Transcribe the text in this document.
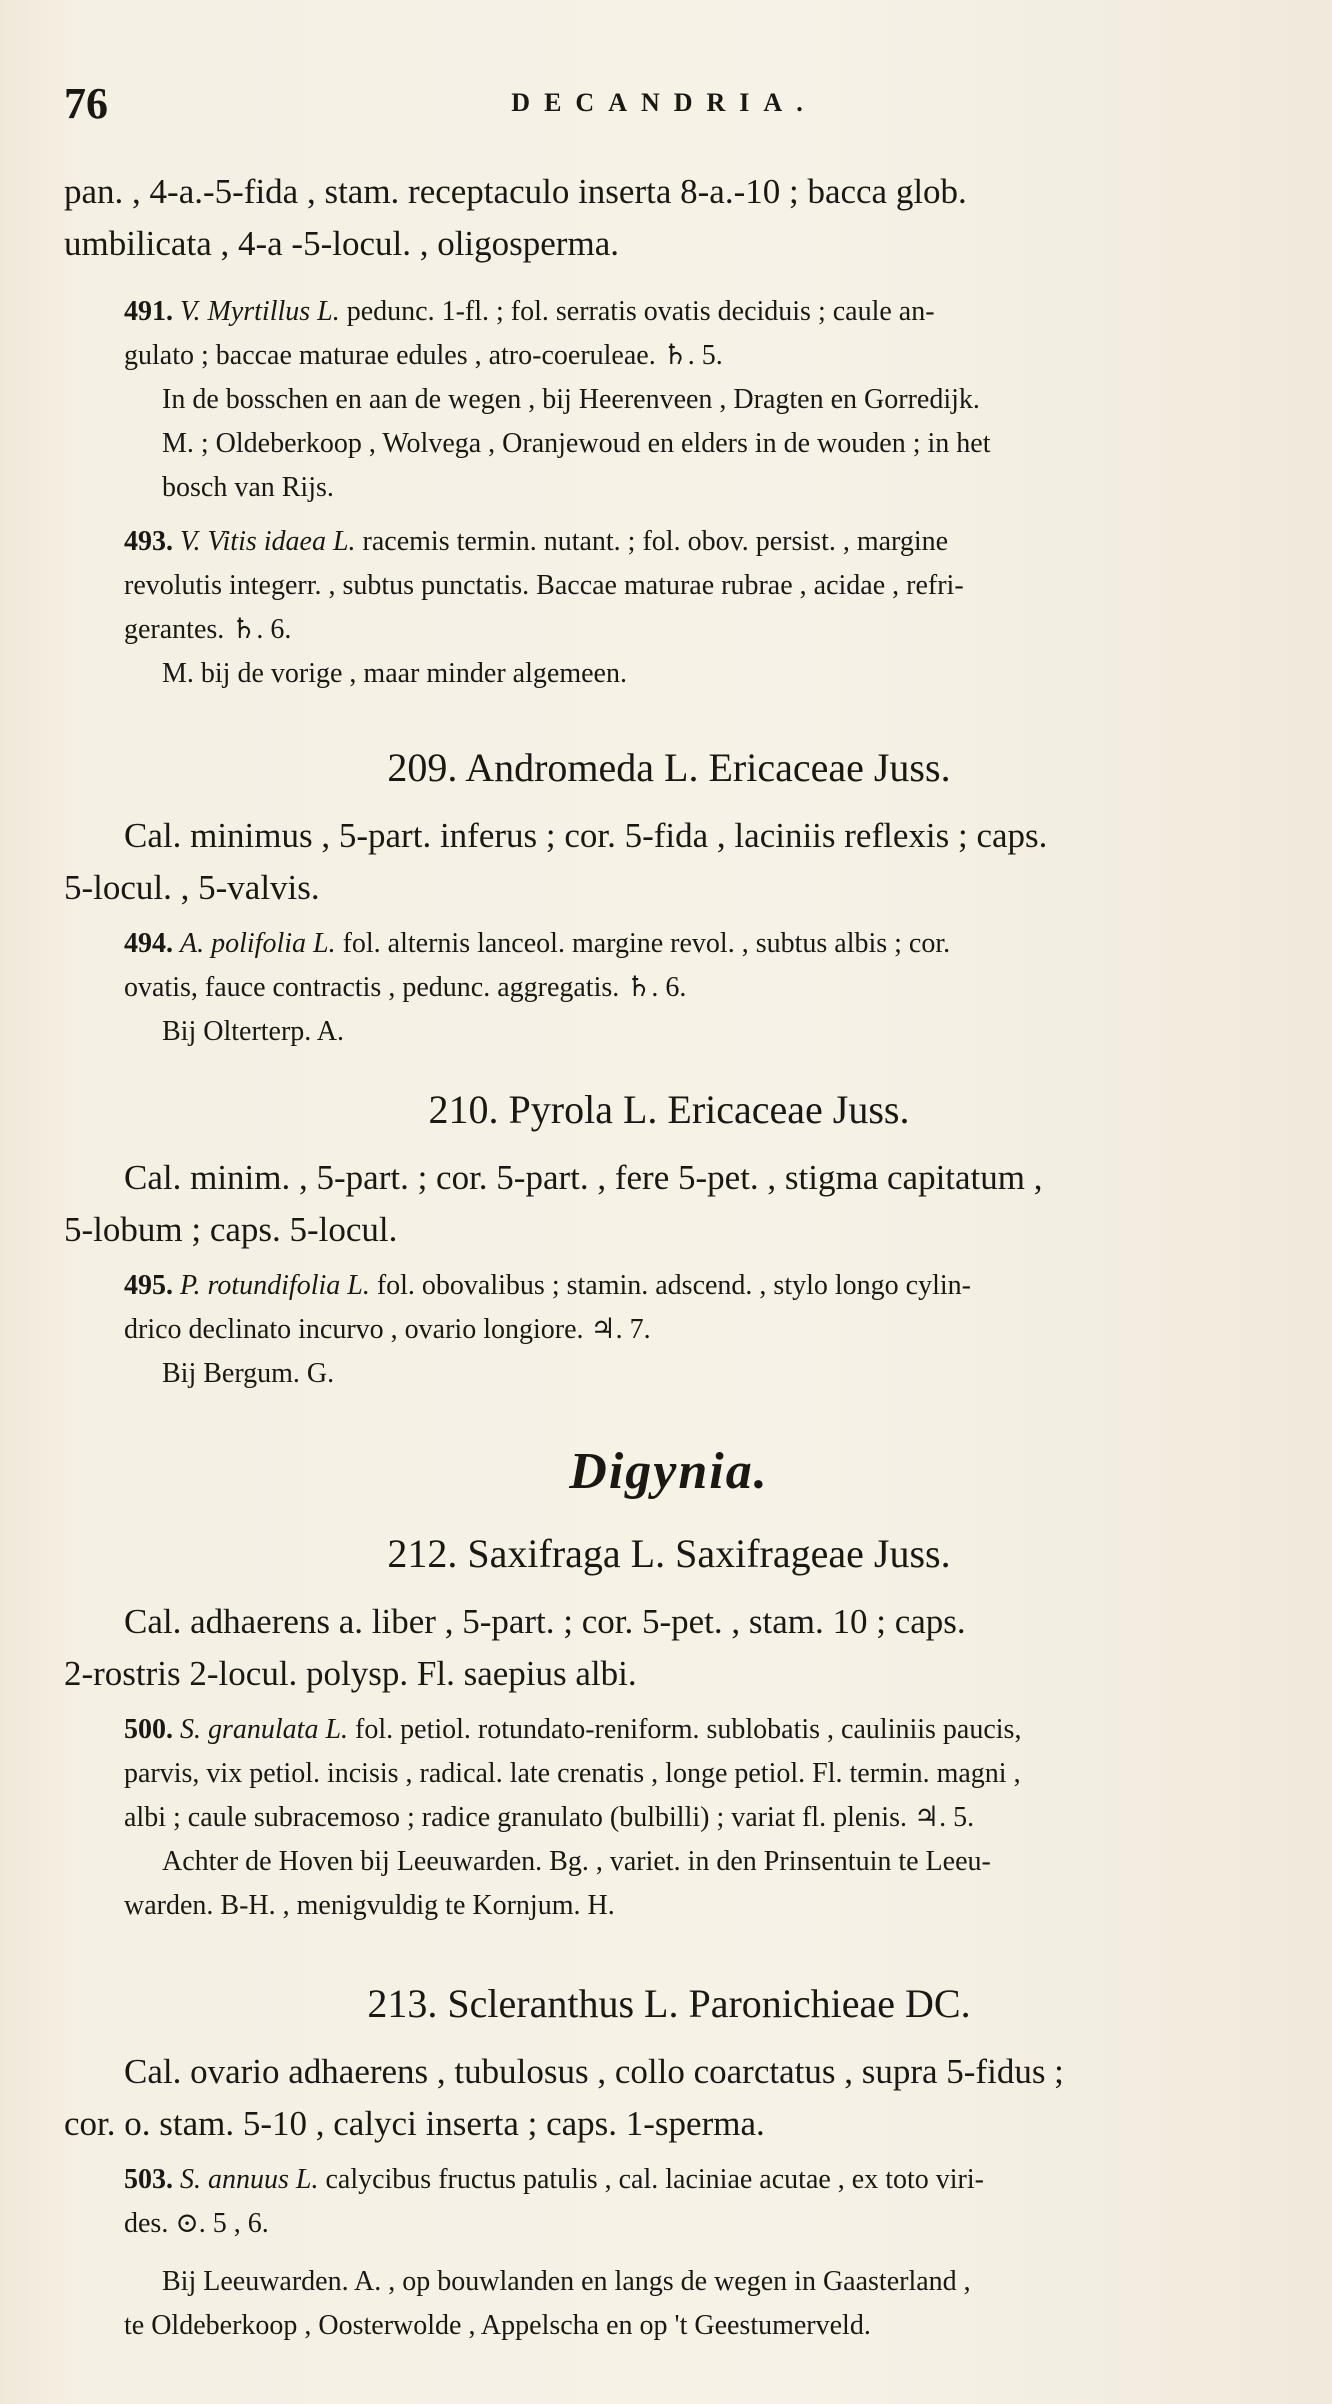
76	DECANDRIA.
pan. , 4-a.-5-fida , stam. receptaculo inserta 8-a.-10 ; bacca glob.
umbilicata , 4-a -5-locul. , oligosperma.
491. V. Myrtillus L. pedunc. 1-fl. ; fol. serratis ovatis deciduis ; caule an-
gulato ; baccae maturae edules , atro-coeruleae. ♄. 5.
In de bosschen en aan de wegen , bij Heerenveen , Dragten en Gorredijk.
M. ; Oldeberkoop , Wolvega , Oranjewoud en elders in de wouden ; in het
bosch van Rijs.
493. V. Vitis idaea L. racemis termin. nutant. ; fol. obov. persist. , margine
revolutis integerr. , subtus punctatis. Baccae maturae rubrae , acidae , refri-
gerantes. ♄. 6.
M. bij de vorige , maar minder algemeen.
209. Andromeda L. Ericaceae Juss.
Cal. minimus , 5-part. inferus ; cor. 5-fida , laciniis reflexis ; caps.
5-locul. , 5-valvis.
494. A. polifolia L. fol. alternis lanceol. margine revol. , subtus albis ; cor.
ovatis, fauce contractis , pedunc. aggregatis. ♄. 6.
Bij Olterterp. A.
210. Pyrola L. Ericaceae Juss.
Cal. minim. , 5-part. ; cor. 5-part. , fere 5-pet. , stigma capitatum ,
5-lobum ; caps. 5-locul.
495. P. rotundifolia L. fol. obovalibus ; stamin. adscend. , stylo longo cylin-
drico declinato incurvo , ovario longiore. ♃. 7.
Bij Bergum. G.
Digynia.
212. Saxifraga L. Saxifrageae Juss.
Cal. adhaerens a. liber , 5-part. ; cor. 5-pet. , stam. 10 ; caps.
2-rostris 2-locul. polysp. Fl. saepius albi.
500. S. granulata L. fol. petiol. rotundato-reniform. sublobatis , cauliniis paucis,
parvis, vix petiol. incisis , radical. late crenatis , longe petiol. Fl. termin. magni ,
albi ; caule subracemoso ; radice granulato (bulbilli) ; variat fl. plenis. ♃. 5.
Achter de Hoven bij Leeuwarden. Bg. , variet. in den Prinsentuin te Leeu-
warden. B-H. , menigvuldig te Kornjum. H.
213. Scleranthus L. Paronichieae DC.
Cal. ovario adhaerens , tubulosus , collo coarctatus , supra 5-fidus ;
cor. o. stam. 5-10 , calyci inserta ; caps. 1-sperma.
503. S. annuus L. calycibus fructus patulis , cal. laciniae acutae , ex toto viri-
des. ⊙. 5 , 6.
Bij Leeuwarden. A. , op bouwlanden en langs de wegen in Gaasterland ,
te Oldeberkoop , Oosterwolde , Appelscha en op 't Geestumerveld.
